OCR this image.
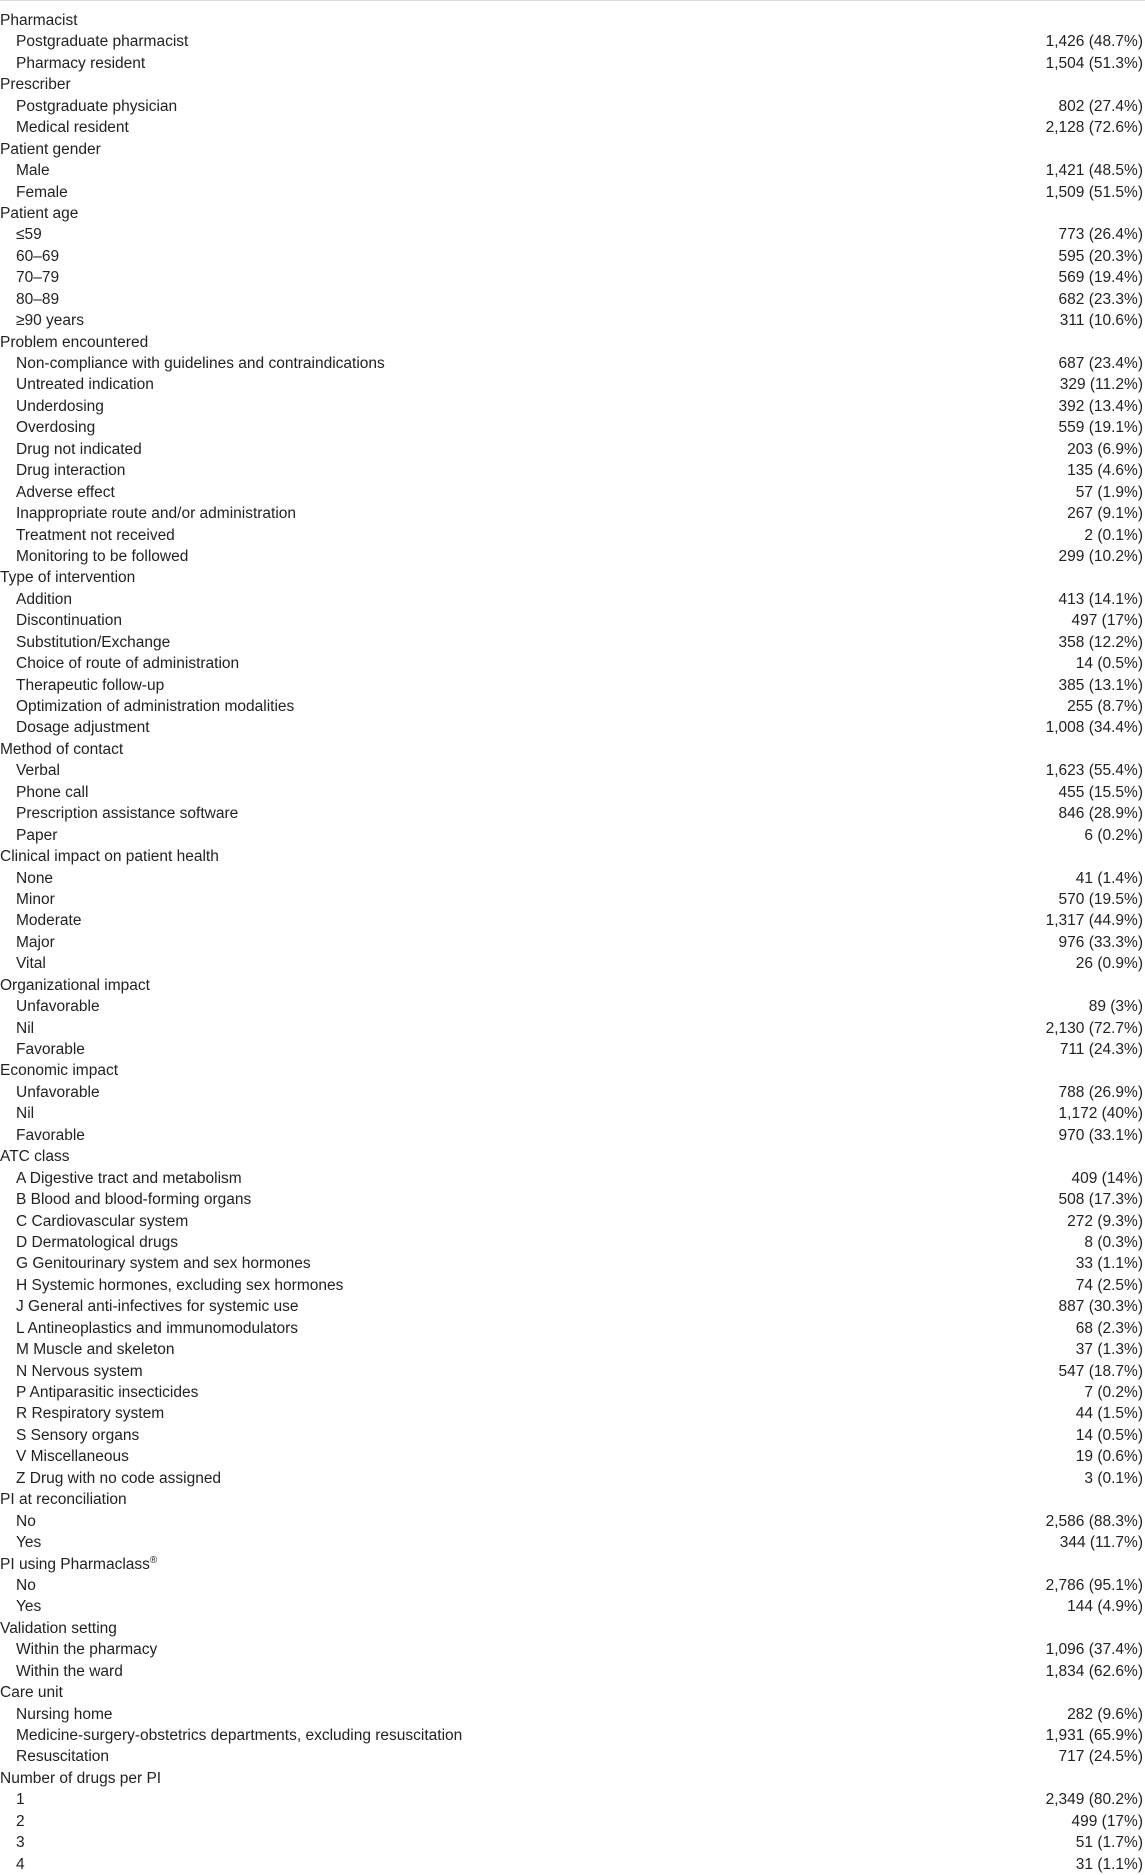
Pharmacist
Postgraduate pharmacist	1,426 (48.7%)
Pharmacy resident	1,504 (51.3%)
Prescriber
Postgraduate physician	802 (27.4%)
Medical resident	2,128 (72.6%)
Patient gender
Male	1,421 (48.5%)
Female	1,509 (51.5%)
Patient age
≤59	773 (26.4%)
60–69	595 (20.3%)
70–79	569 (19.4%)
80–89	682 (23.3%)
≥90 years	311 (10.6%)
Problem encountered
Non-compliance with guidelines and contraindications	687 (23.4%)
Untreated indication	329 (11.2%)
Underdosing	392 (13.4%)
Overdosing	559 (19.1%)
Drug not indicated	203 (6.9%)
Drug interaction	135 (4.6%)
Adverse effect	57 (1.9%)
Inappropriate route and/or administration	267 (9.1%)
Treatment not received	2 (0.1%)
Monitoring to be followed	299 (10.2%)
Type of intervention
Addition	413 (14.1%)
Discontinuation	497 (17%)
Substitution/Exchange	358 (12.2%)
Choice of route of administration	14 (0.5%)
Therapeutic follow-up	385 (13.1%)
Optimization of administration modalities	255 (8.7%)
Dosage adjustment	1,008 (34.4%)
Method of contact
Verbal	1,623 (55.4%)
Phone call	455 (15.5%)
Prescription assistance software	846 (28.9%)
Paper	6 (0.2%)
Clinical impact on patient health
None	41 (1.4%)
Minor	570 (19.5%)
Moderate	1,317 (44.9%)
Major	976 (33.3%)
Vital	26 (0.9%)
Organizational impact
Unfavorable	89 (3%)
Nil	2,130 (72.7%)
Favorable	711 (24.3%)
Economic impact
Unfavorable	788 (26.9%)
Nil	1,172 (40%)
Favorable	970 (33.1%)
ATC class
A Digestive tract and metabolism	409 (14%)
B Blood and blood-forming organs	508 (17.3%)
C Cardiovascular system	272 (9.3%)
D Dermatological drugs	8 (0.3%)
G Genitourinary system and sex hormones	33 (1.1%)
H Systemic hormones, excluding sex hormones	74 (2.5%)
J General anti-infectives for systemic use	887 (30.3%)
L Antineoplastics and immunomodulators	68 (2.3%)
M Muscle and skeleton	37 (1.3%)
N Nervous system	547 (18.7%)
P Antiparasitic insecticides	7 (0.2%)
R Respiratory system	44 (1.5%)
S Sensory organs	14 (0.5%)
V Miscellaneous	19 (0.6%)
Z Drug with no code assigned	3 (0.1%)
PI at reconciliation
No	2,586 (88.3%)
Yes	344 (11.7%)
PI using Pharmaclass®
No	2,786 (95.1%)
Yes	144 (4.9%)
Validation setting
Within the pharmacy	1,096 (37.4%)
Within the ward	1,834 (62.6%)
Care unit
Nursing home	282 (9.6%)
Medicine-surgery-obstetrics departments, excluding resuscitation	1,931 (65.9%)
Resuscitation	717 (24.5%)
Number of drugs per PI
1	2,349 (80.2%)
2	499 (17%)
3	51 (1.7%)
4	31 (1.1%)
